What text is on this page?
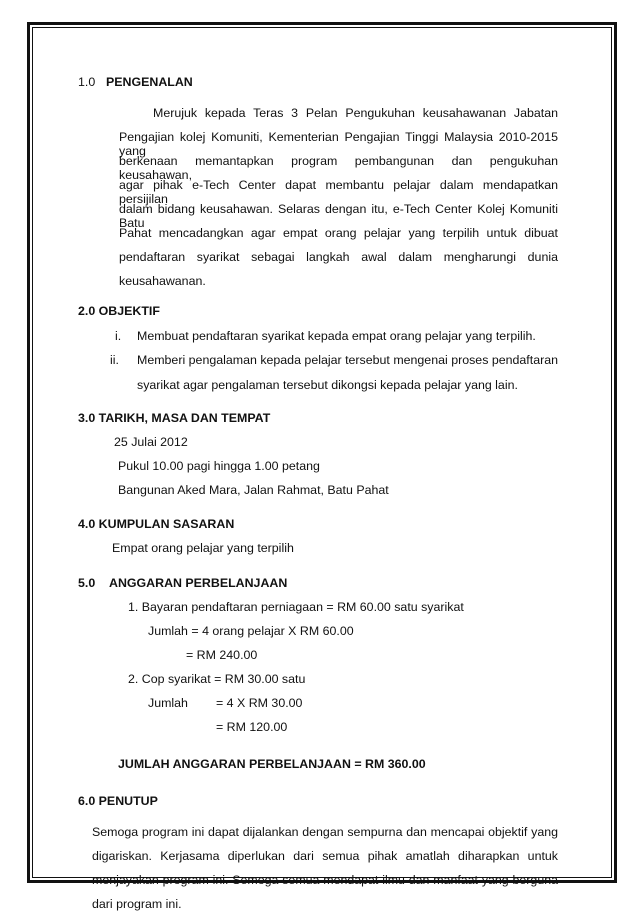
1.0 PENGENALAN
Merujuk kepada Teras 3 Pelan Pengukuhan keusahawanan Jabatan
Pengajian kolej Komuniti, Kementerian Pengajian Tinggi Malaysia 2010-2015 yang
berkenaan memantapkan program pembangunan dan pengukuhan keusahawan,
agar pihak e-Tech Center dapat membantu pelajar dalam mendapatkan persijilan
dalam bidang keusahawan. Selaras dengan itu, e-Tech Center Kolej Komuniti Batu
Pahat mencadangkan agar empat orang pelajar yang terpilih untuk dibuat
pendaftaran syarikat sebagai langkah awal dalam mengharungi dunia
keusahawanan.
2.0 OBJEKTIF
i. Membuat pendaftaran syarikat kepada empat orang pelajar yang terpilih.
ii. Memberi pengalaman kepada pelajar tersebut mengenai proses pendaftaran
syarikat agar pengalaman tersebut dikongsi kepada pelajar yang lain.
3.0 TARIKH, MASA DAN TEMPAT
25 Julai 2012
Pukul 10.00 pagi hingga 1.00 petang
Bangunan Aked Mara, Jalan Rahmat, Batu Pahat
4.0 KUMPULAN SASARAN
Empat orang pelajar yang terpilih
5.0 ANGGARAN PERBELANJAAN
1. Bayaran pendaftaran perniagaan = RM 60.00 satu syarikat
Jumlah = 4 orang pelajar X RM 60.00
= RM 240.00
2. Cop syarikat = RM 30.00 satu
Jumlah = 4 X RM 30.00
= RM 120.00
JUMLAH ANGGARAN PERBELANJAAN = RM 360.00
6.0 PENUTUP
Semoga program ini dapat dijalankan dengan sempurna dan mencapai objektif yang
digariskan. Kerjasama diperlukan dari semua pihak amatlah diharapkan untuk
menjayakan program ini. Semoga semua mendapat ilmu dan manfaat yang berguna
dari program ini.
